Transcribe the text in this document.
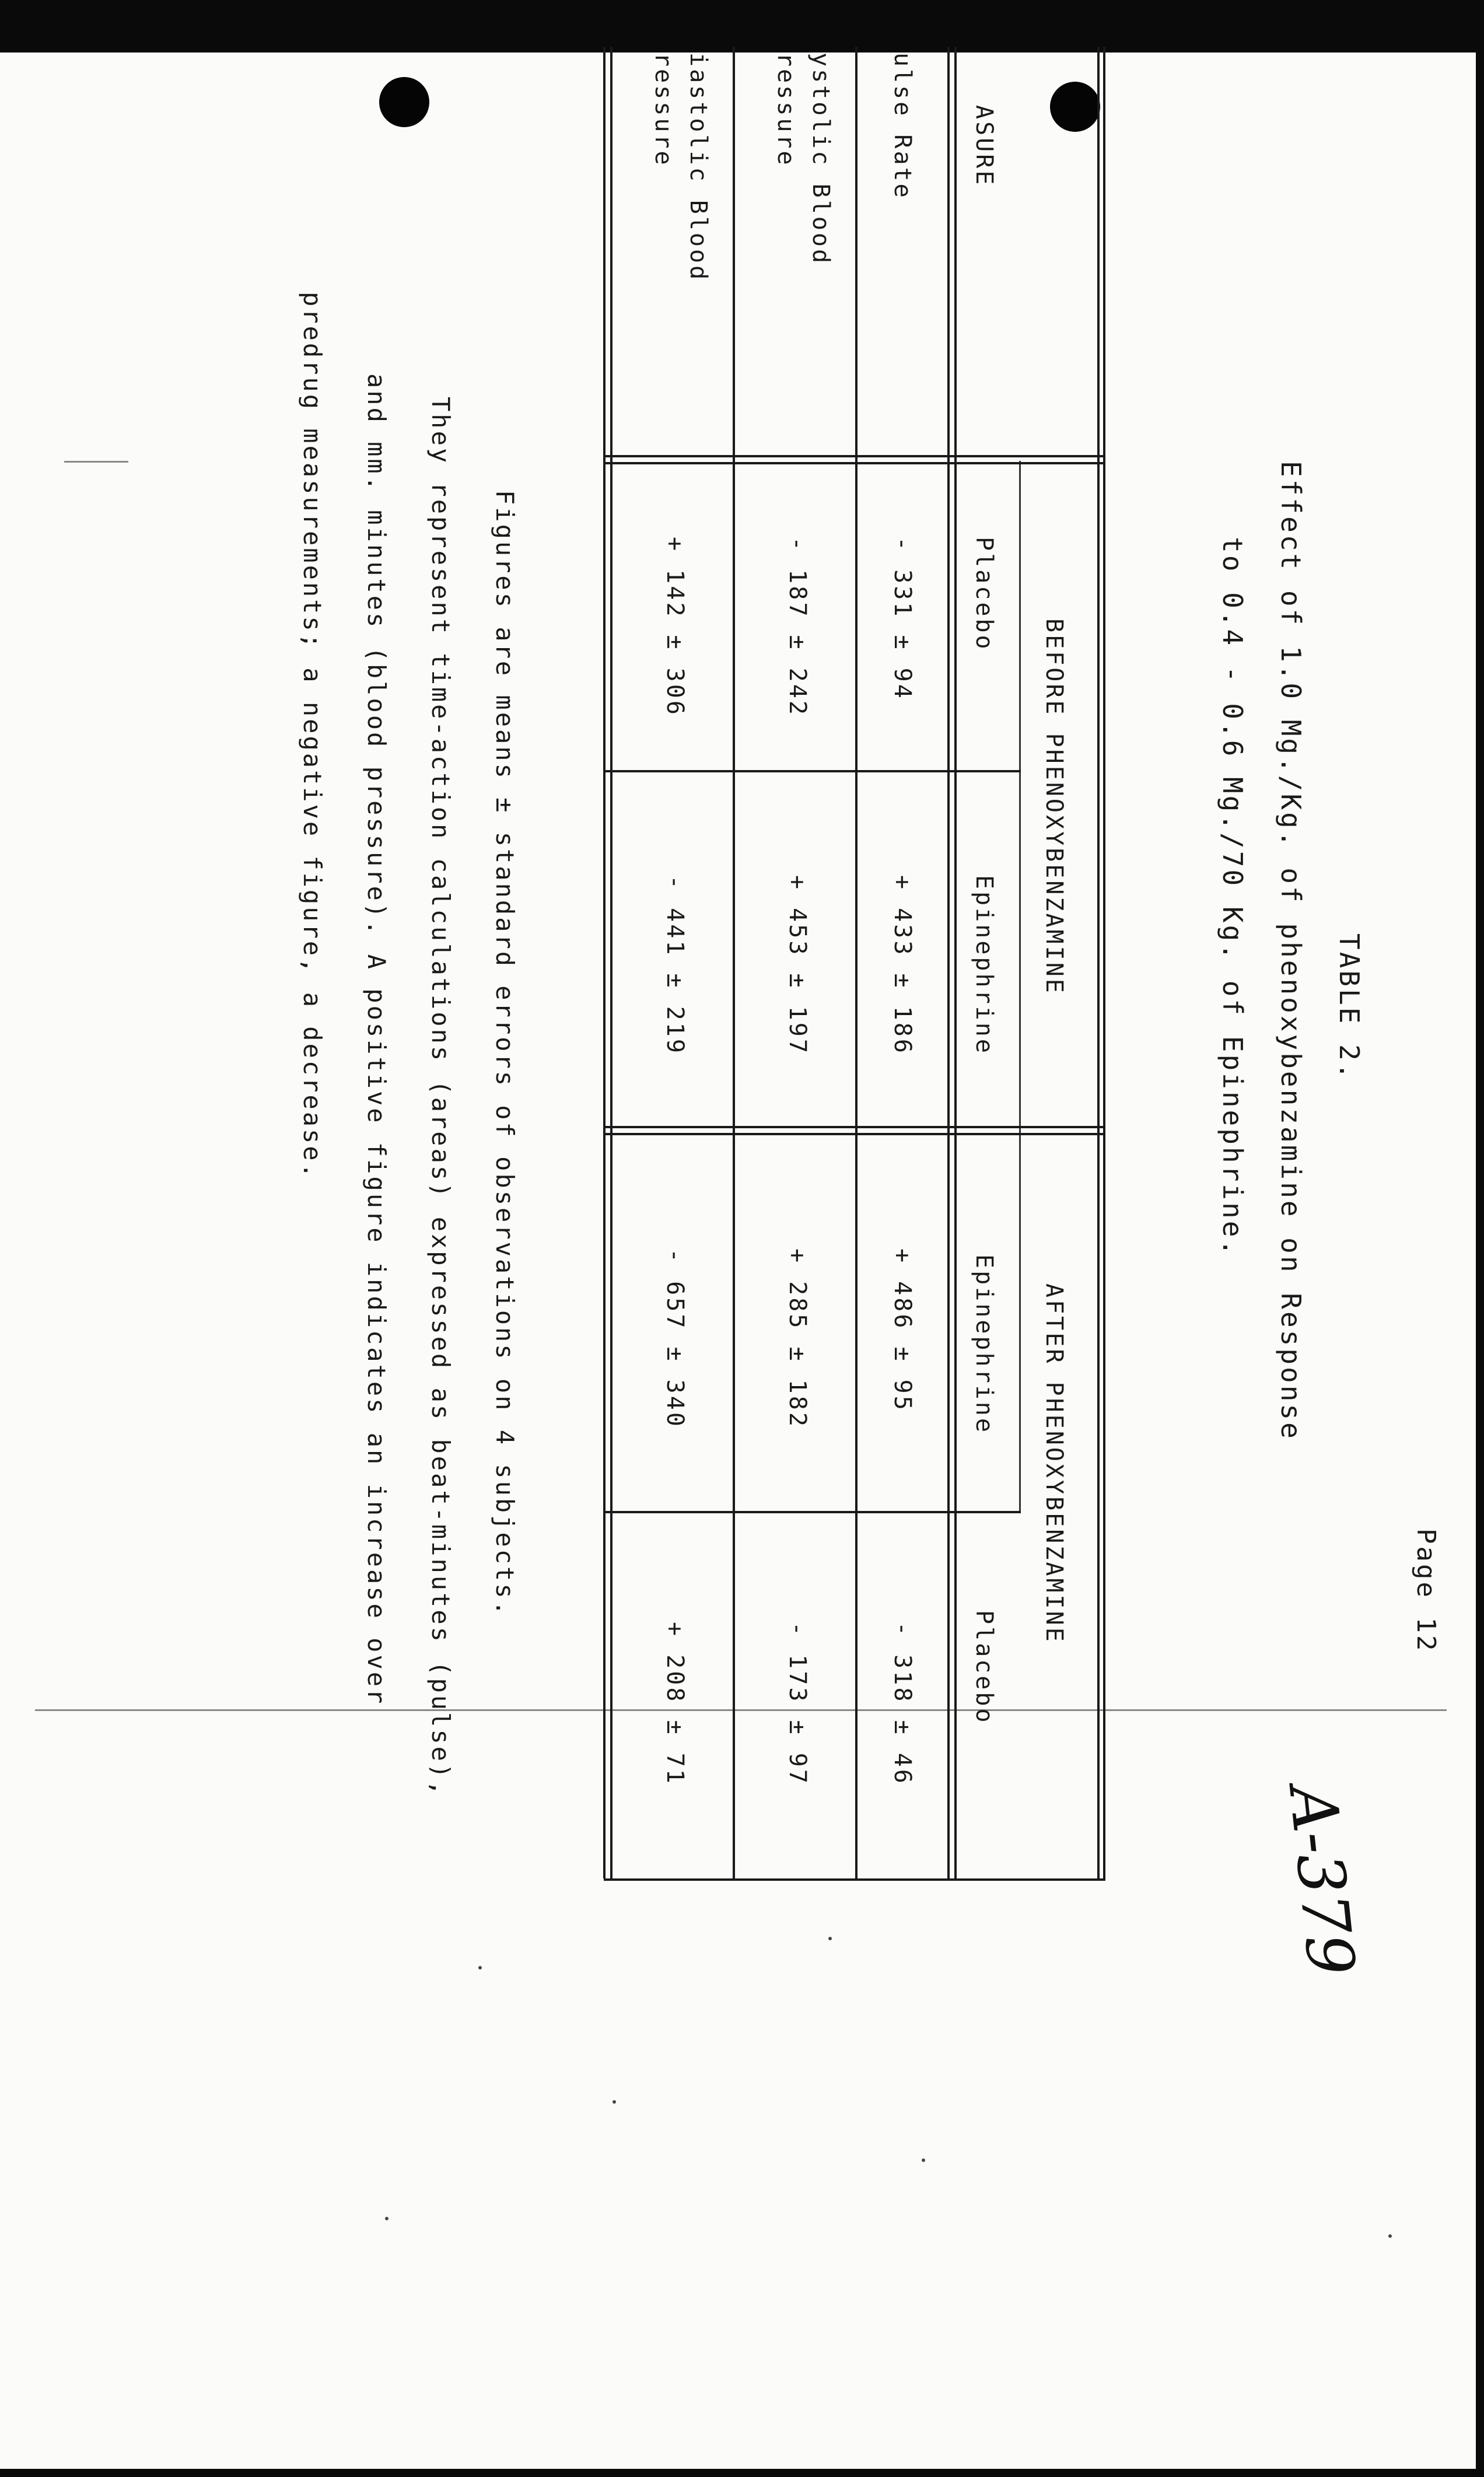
Page 12
TABLE 2.
Effect of 1.0 Mg./Kg. of phenoxybenzamine on Response
to 0.4 - 0.6 Mg./70 Kg. of Epinephrine.
A-379
ASURE
BEFORE PHENOXYBENZAMINE
AFTER PHENOXYBENZAMINE
Placebo
Epinephrine
Epinephrine
Placebo
ulse Rate
- 331 ± 94
+ 433 ± 186
+ 486 ± 95
- 318 ± 46
ystolic Blood
ressure
- 187 ± 242
+ 453 ± 197
+ 285 ± 182
- 173 ± 97
iastolic Blood
ressure
+ 142 ± 306
- 441 ± 219
- 657 ± 340
+ 208 ± 71
Figures are means ± standard errors of observations on 4 subjects.
They represent time-action calculations (areas) expressed as beat-minutes (pulse),
and mm. minutes (blood pressure). A positive figure indicates an increase over
predrug measurements; a negative figure, a decrease.
